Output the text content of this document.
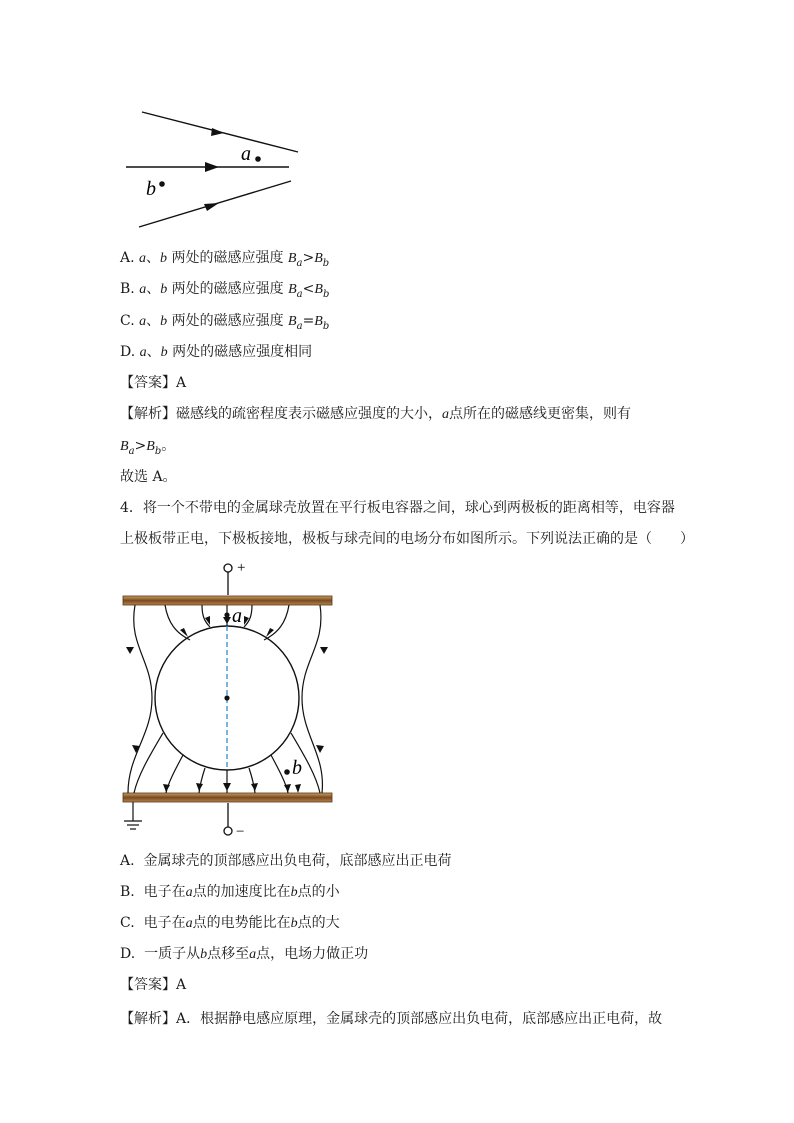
a
b
A. a、b 两处的磁感应强度 $B_a>B_b$
B. a、b 两处的磁感应强度 $B_a<B_b$
C. a、b 两处的磁感应强度 $B_a=B_b$
D. a、b 两处的磁感应强度相同
【答案】A
【解析】磁感线的疏密程度表示磁感应强度的大小，a点所在的磁感线更密集，则有
$B_a>B_b$。
故选 A。
4．将一个不带电的金属球壳放置在平行板电容器之间，球心到两极板的距离相等，电容器
上极板带正电，下极板接地，极板与球壳间的电场分布如图所示。下列说法正确的是（　　）
+
−
a
b
A. 金属球壳的顶部感应出负电荷，底部感应出正电荷
B. 电子在a点的加速度比在b点的小
C. 电子在a点的电势能比在b点的大
D. 一质子从b点移至a点，电场力做正功
【答案】A
【解析】A．根据静电感应原理，金属球壳的顶部感应出负电荷，底部感应出正电荷，故
